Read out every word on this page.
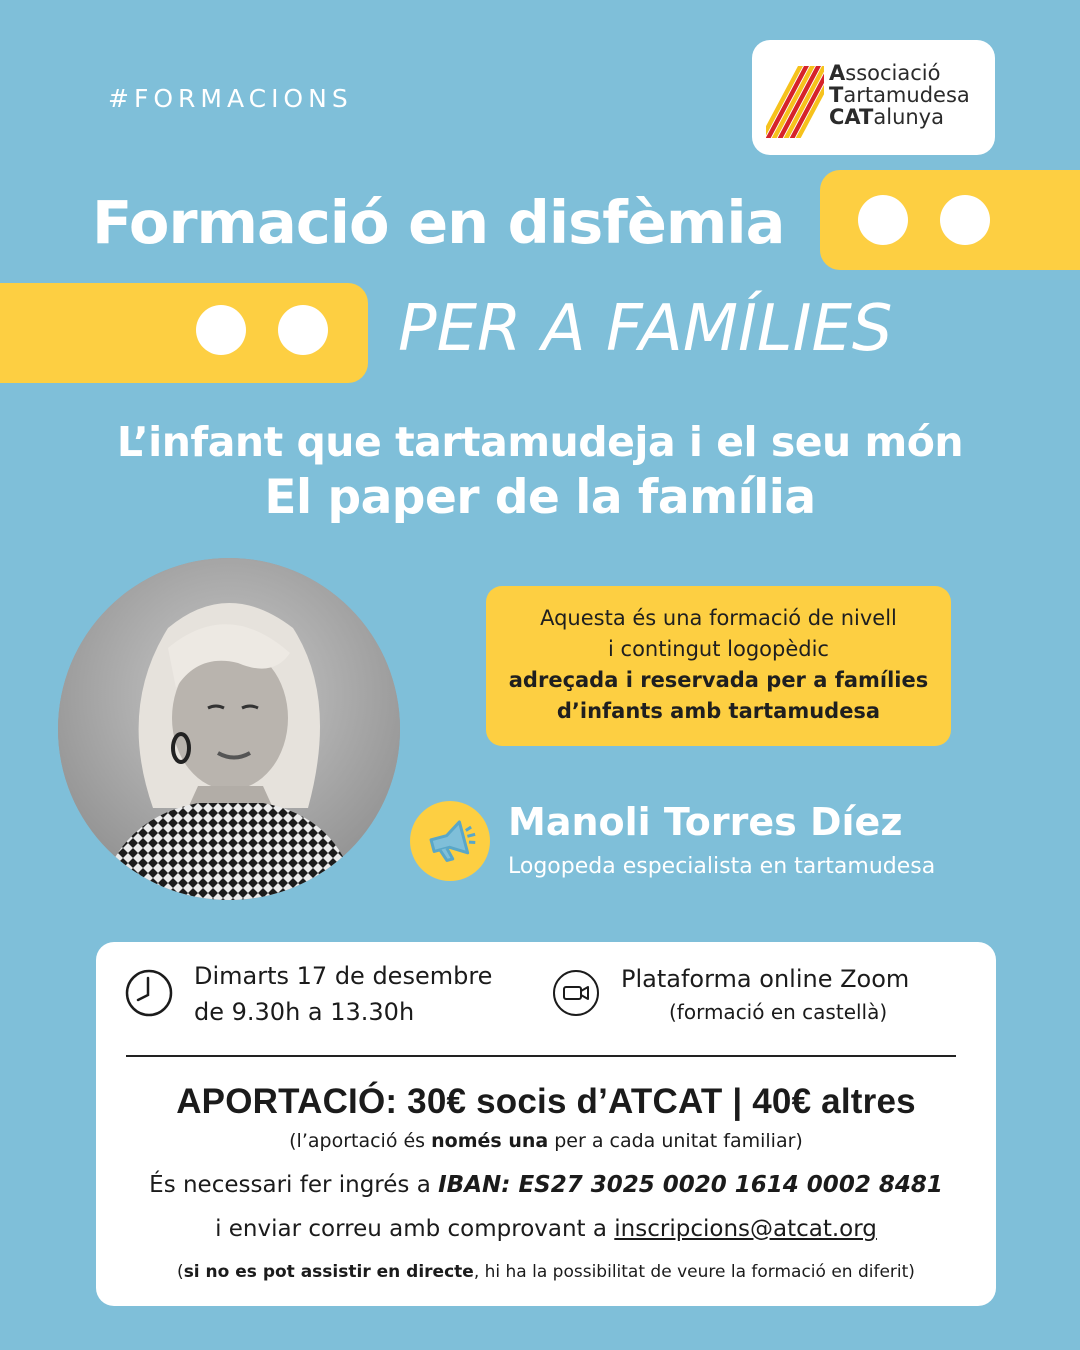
#FORMACIONS
Associació
Tartamudesa
CATalunya
Formació en disfèmia
PER A FAMÍLIES
L’infant que tartamudeja i el seu món
El paper de la família
Aquesta és una formació de nivell
i contingut logopèdic
adreçada i reservada per a famílies
d’infants amb tartamudesa
Manoli Torres Díez
Logopeda especialista en tartamudesa
Dimarts 17 de desembre
de 9.30h a 13.30h
Plataforma online Zoom
(formació en castellà)
APORTACIÓ: 30€ socis d’ATCAT | 40€ altres
(l’aportació és només una per a cada unitat familiar)
És necessari fer ingrés a IBAN: ES27 3025 0020 1614 0002 8481
i enviar correu amb comprovant a inscripcions@atcat.org
(si no es pot assistir en directe, hi ha la possibilitat de veure la formació en diferit)
